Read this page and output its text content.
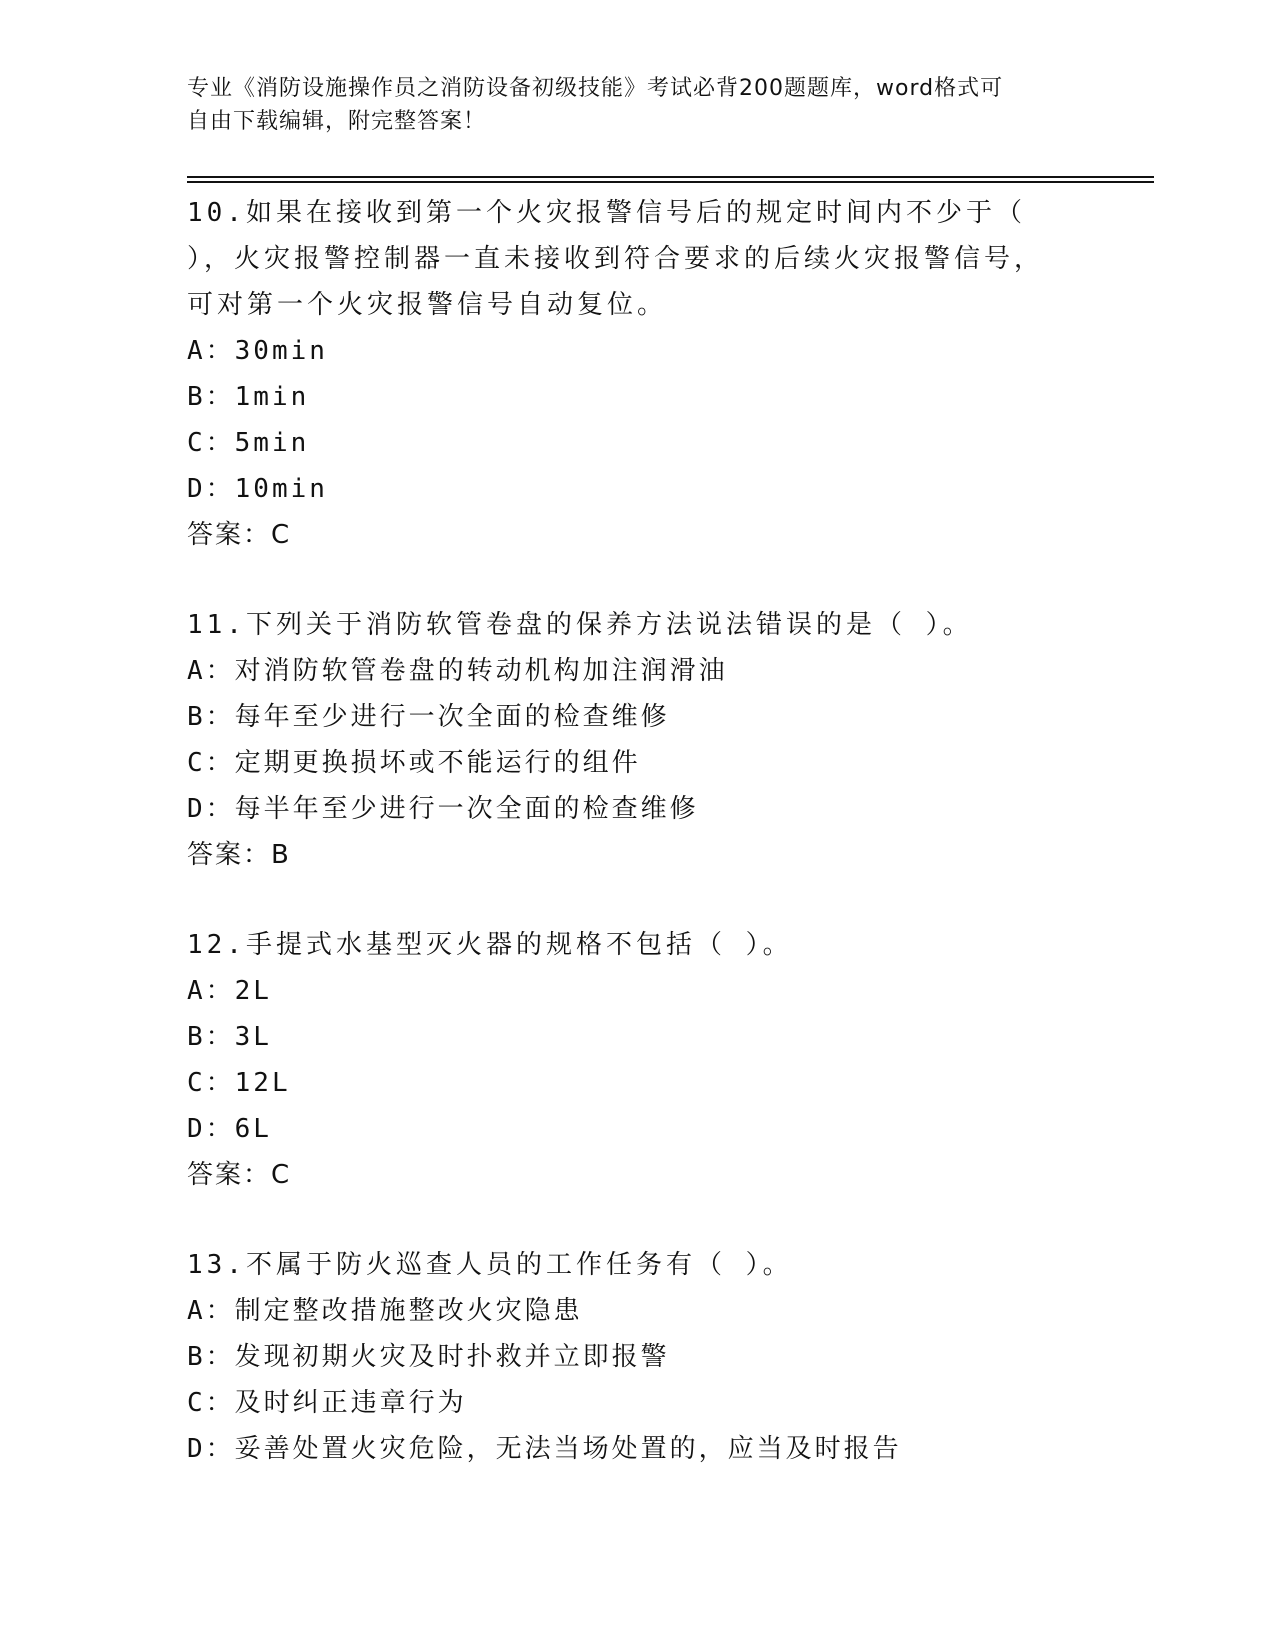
专业《消防设施操作员之消防设备初级技能》考试必背200题题库，word格式可
自由下载编辑，附完整答案！
10.如果在接收到第一个火灾报警信号后的规定时间内不少于（ ），火灾报警控制器一直未接收到符合要求的后续火灾报警信号，可对第一个火灾报警信号自动复位。
A：30min
B：1min
C：5min
D：10min
答案：C
11.下列关于消防软管卷盘的保养方法说法错误的是（ ）。
A：对消防软管卷盘的转动机构加注润滑油
B：每年至少进行一次全面的检查维修
C：定期更换损坏或不能运行的组件
D：每半年至少进行一次全面的检查维修
答案：B
12.手提式水基型灭火器的规格不包括（ ）。
A：2L
B：3L
C：12L
D：6L
答案：C
13.不属于防火巡查人员的工作任务有（ ）。
A：制定整改措施整改火灾隐患
B：发现初期火灾及时扑救并立即报警
C：及时纠正违章行为
D：妥善处置火灾危险，无法当场处置的，应当及时报告
